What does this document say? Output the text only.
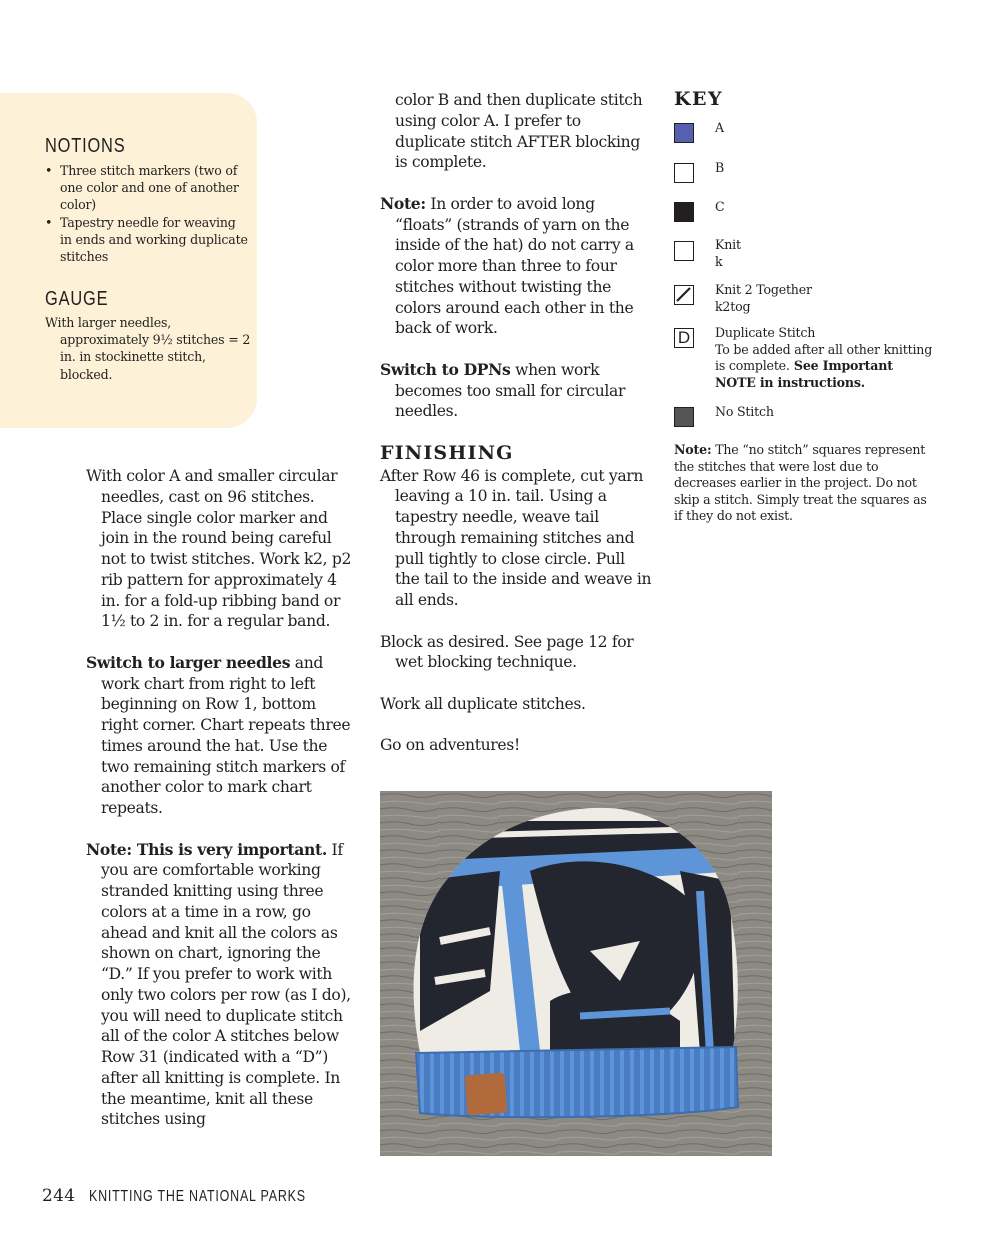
NOTIONS
• Three stitch markers (two of one color and one of another color)
• Tapestry needle for weaving in ends and working duplicate stitches
GAUGE
With larger needles, approximately 9½ stitches = 2 in. in stockinette stitch, blocked.

With color A and smaller circular needles, cast on 96 stitches. Place single color marker and join in the round being careful not to twist stitches. Work k2, p2 rib pattern for approximately 4 in. for a fold-up ribbing band or 1½ to 2 in. for a regular band.

Switch to larger needles and work chart from right to left beginning on Row 1, bottom right corner. Chart repeats three times around the hat. Use the two remaining stitch markers of another color to mark chart repeats.

Note: This is very important. If you are comfortable working stranded knitting using three colors at a time in a row, go ahead and knit all the colors as shown on chart, ignoring the “D.” If you prefer to work with only two colors per row (as I do), you will need to duplicate stitch all of the color A stitches below Row 31 (indicated with a “D”) after all knitting is complete. In the meantime, knit all these stitches using

color B and then duplicate stitch using color A. I prefer to duplicate stitch AFTER blocking is complete.

Note: In order to avoid long “floats” (strands of yarn on the inside of the hat) do not carry a color more than three to four stitches without twisting the colors around each other in the back of work.

Switch to DPNs when work becomes too small for circular needles.

FINISHING

After Row 46 is complete, cut yarn leaving a 10 in. tail. Using a tapestry needle, weave tail through remaining stitches and pull tightly to close circle. Pull the tail to the inside and weave in all ends.

Block as desired. See page 12 for wet blocking technique.

Work all duplicate stitches.

Go on adventures!

KEY
A
B
C
Knit
k
Knit 2 Together
k2tog
D	Duplicate Stitch
To be added after all other knitting is complete. See Important NOTE in instructions.
No Stitch
Note: The “no stitch” squares represent the stitches that were lost due to decreases earlier in the project. Do not skip a stitch. Simply treat the squares as if they do not exist.
244 KNITTING THE NATIONAL PARKS
